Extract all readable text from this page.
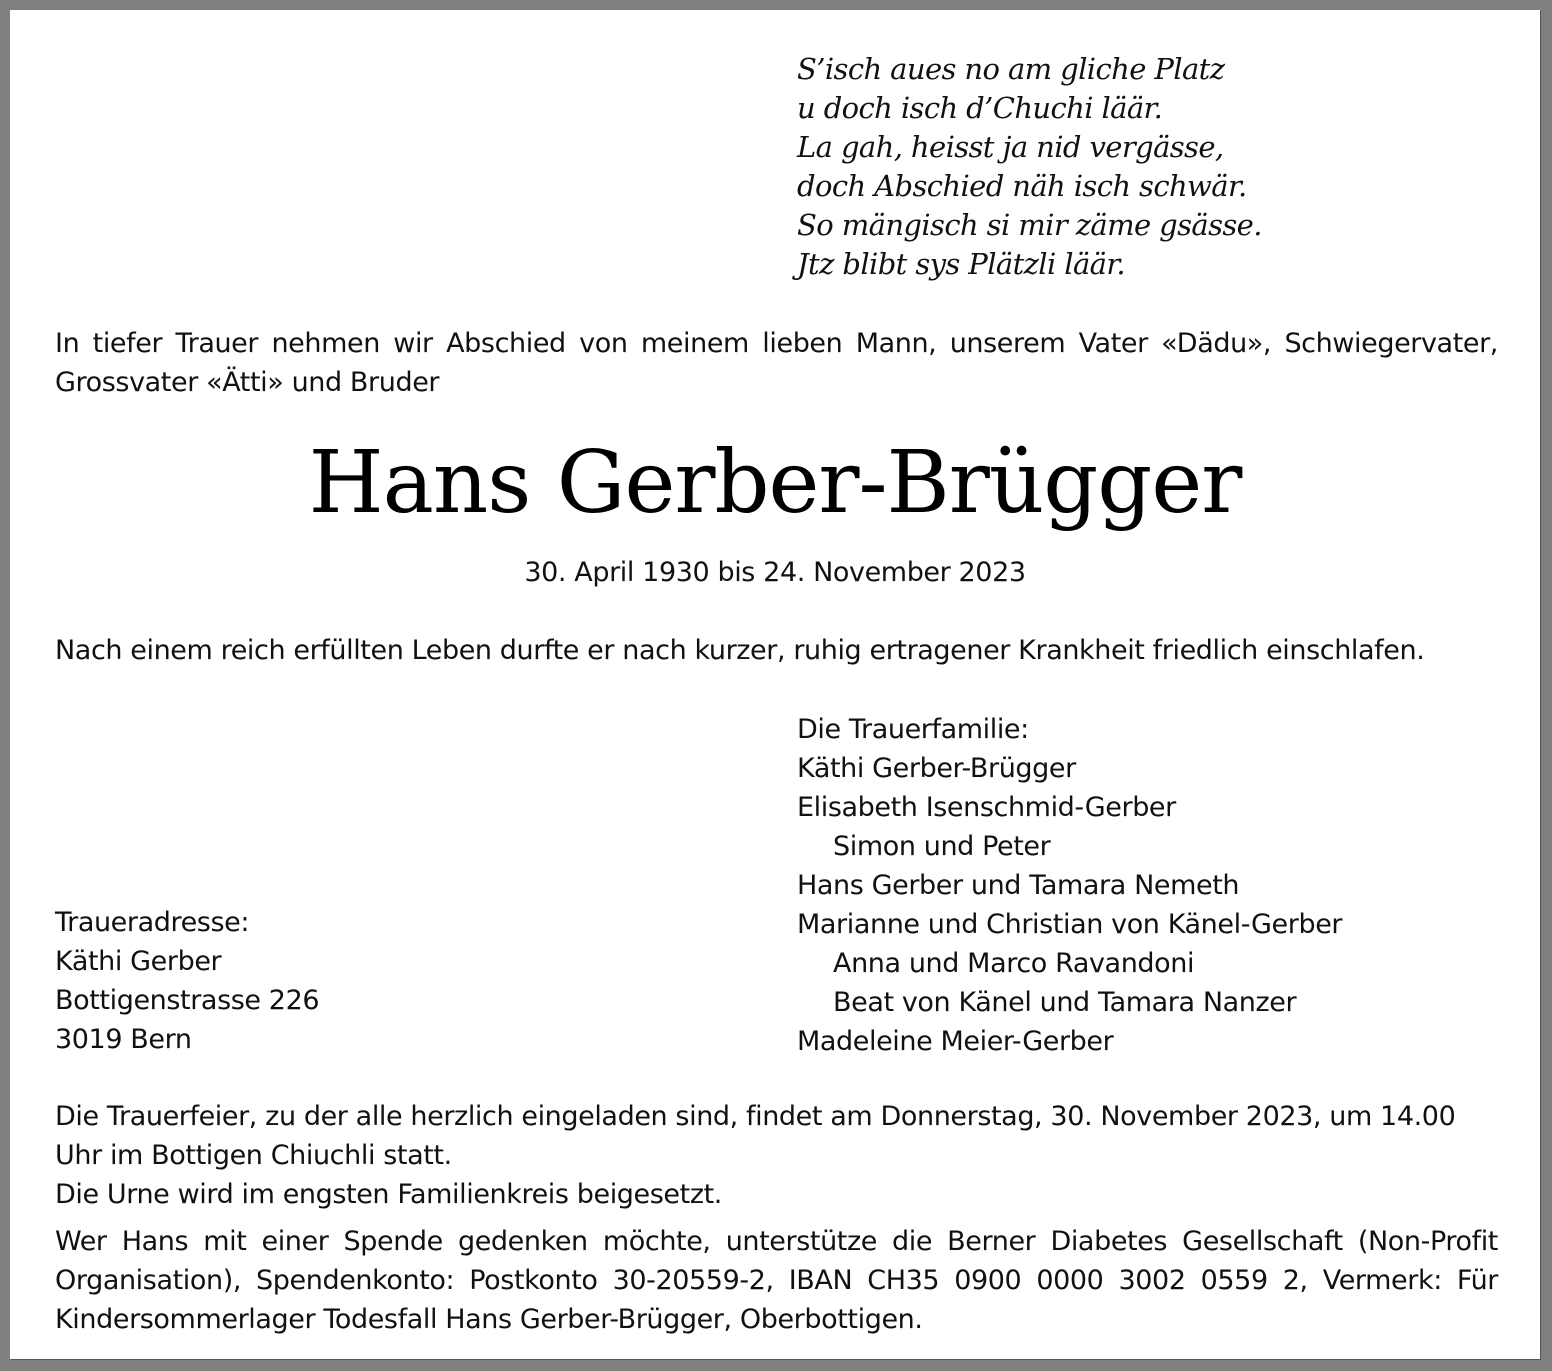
S’isch aues no am gliche Platz
u doch isch d’Chuchi läär.
La gah, heisst ja nid vergässe,
doch Abschied näh isch schwär.
So mängisch si mir zäme gsässe.
Jtz blibt sys Plätzli läär.
In tiefer Trauer nehmen wir Abschied von meinem lieben Mann, unserem Vater «Dädu», Schwiegervater, Grossvater «Ätti» und Bruder
Hans Gerber-Brügger
30. April 1930 bis 24. November 2023
Nach einem reich erfüllten Leben durfte er nach kurzer, ruhig ertragener Krankheit friedlich einschlafen.
Die Trauerfamilie:
Käthi Gerber-Brügger
Elisabeth Isenschmid-Gerber
Simon und Peter
Hans Gerber und Tamara Nemeth
Marianne und Christian von Känel-Gerber
Anna und Marco Ravandoni
Beat von Känel und Tamara Nanzer
Madeleine Meier-Gerber
Traueradresse:
Käthi Gerber
Bottigenstrasse 226
3019 Bern
Die Trauerfeier, zu der alle herzlich eingeladen sind, findet am Donnerstag, 30. November 2023, um 14.00 Uhr im Bottigen Chiuchli statt.
Die Urne wird im engsten Familienkreis beigesetzt.
Wer Hans mit einer Spende gedenken möchte, unterstütze die Berner Diabetes Gesellschaft (Non-Profit Organisation), Spendenkonto: Postkonto 30-20559-2, IBAN CH35 0900 0000 3002 0559 2, Vermerk: Für Kindersommerlager Todesfall Hans Gerber-Brügger, Oberbottigen.
